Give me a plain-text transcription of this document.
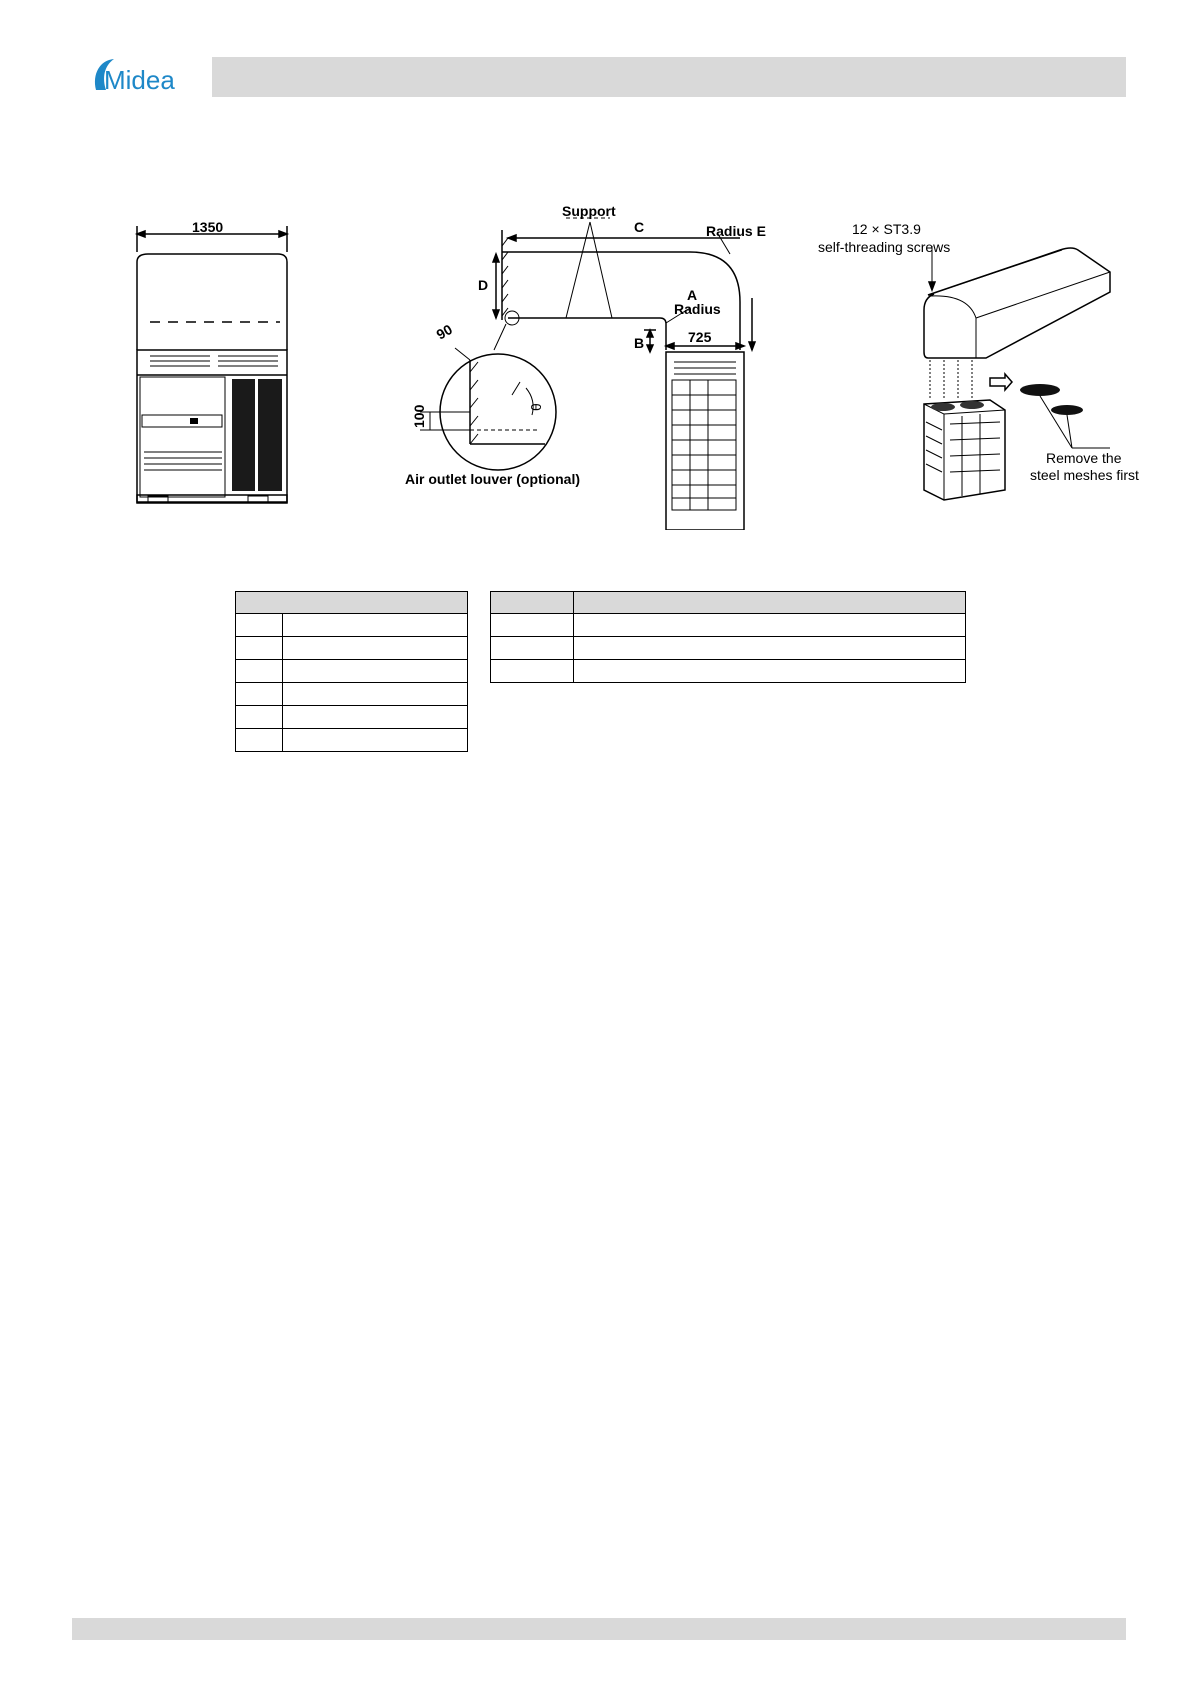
Midea
1350
Support
C	Radius E
D
A
Radius
B	725
90
100	θ
Air outlet louver (optional)
12 × ST3.9
self-threading screws
Remove the
steel meshes first
